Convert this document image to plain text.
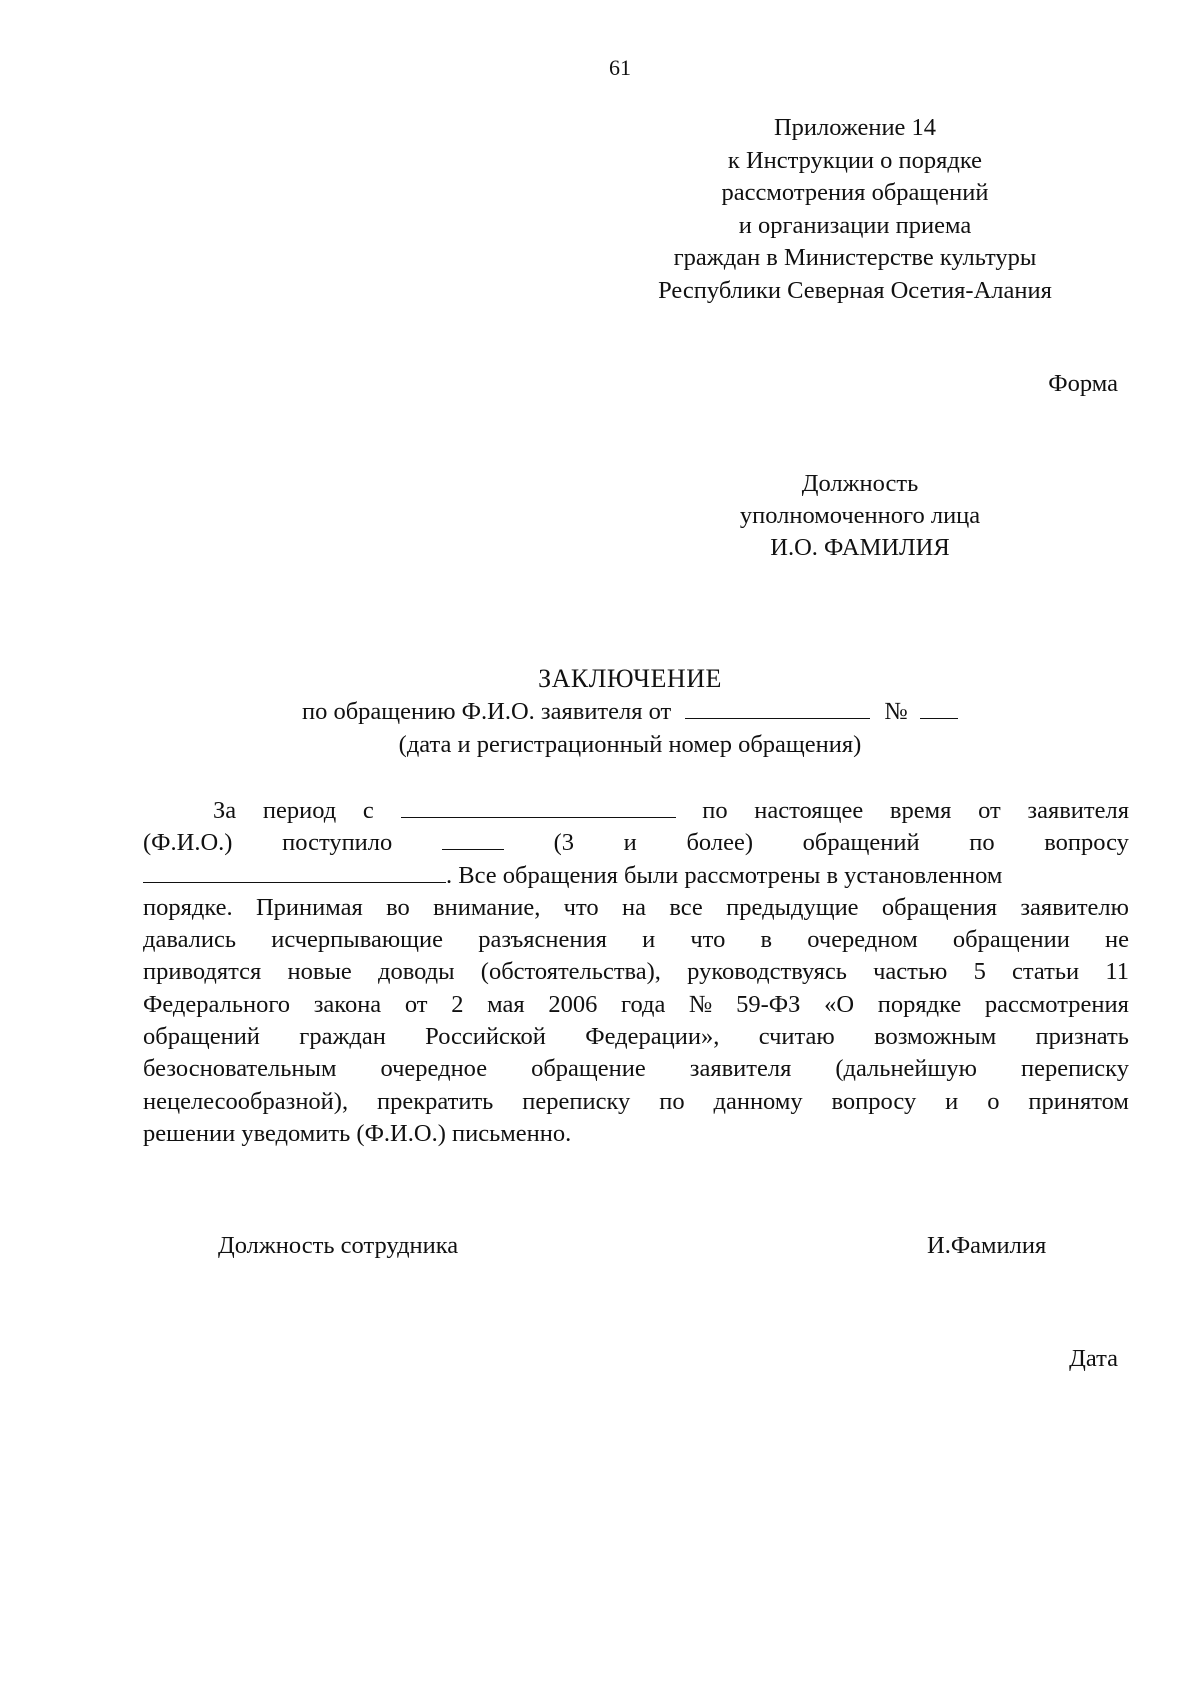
61
Приложение 14
к Инструкции о порядке
рассмотрения обращений
и организации приема
граждан в Министерстве культуры
Республики Северная Осетия-Алания
Форма
Должность
уполномоченного лица
И.О. ФАМИЛИЯ
ЗАКЛЮЧЕНИЕ
по обращению Ф.И.О. заявителя от	№
(дата и регистрационный номер обращения)
За период с	по настоящее время от заявителя
(Ф.И.О.) поступило	(3 и более) обращений по вопросу
. Все обращения были рассмотрены в установленном
порядке. Принимая во внимание, что на все предыдущие обращения заявителю
давались исчерпывающие разъяснения и что в очередном обращении не
приводятся новые доводы (обстоятельства), руководствуясь частью 5 статьи 11
Федерального закона от 2 мая 2006 года № 59-ФЗ «О порядке рассмотрения
обращений граждан Российской Федерации», считаю возможным признать
безосновательным очередное обращение заявителя (дальнейшую переписку
нецелесообразной), прекратить переписку по данному вопросу и о принятом
решении уведомить (Ф.И.О.) письменно.
Должность сотрудника	И.Фамилия
Дата
